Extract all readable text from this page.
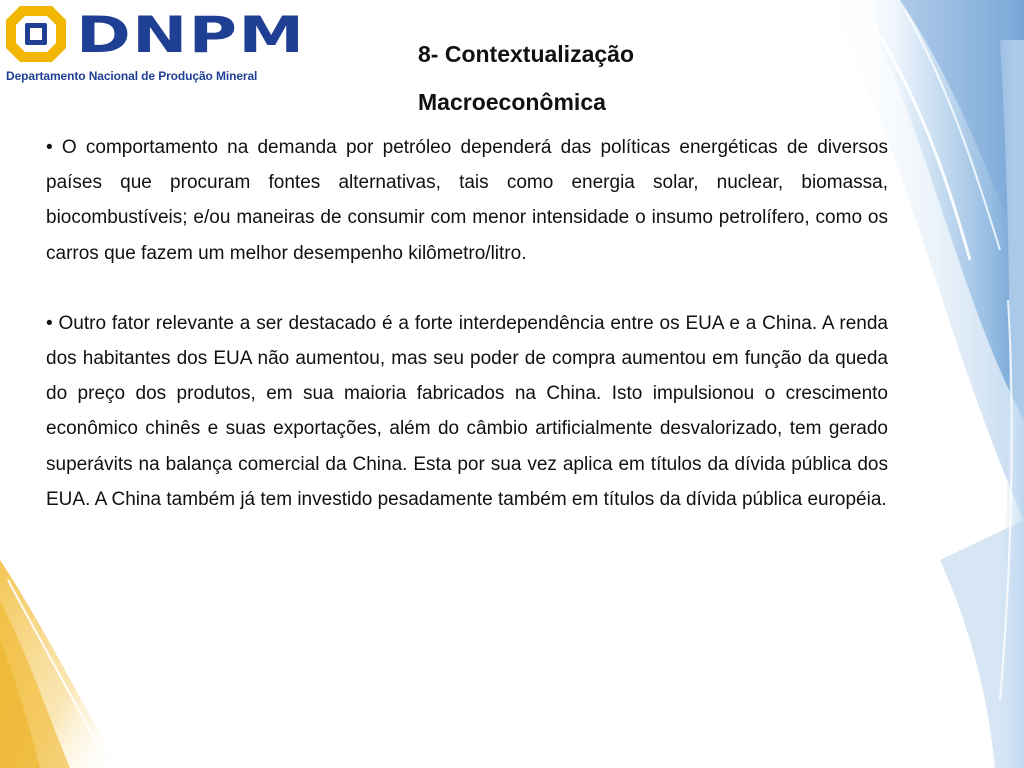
DNPM
Departamento Nacional de Produção Mineral
8- Contextualização
Macroeconômica

• O comportamento na demanda por petróleo dependerá das políticas energéticas de diversos países que procuram fontes alternativas, tais como energia solar, nuclear, biomassa, biocombustíveis; e/ou maneiras de consumir com menor intensidade o insumo petrolífero, como os carros que fazem um melhor desempenho kilômetro/litro.

• Outro fator relevante a ser destacado é a forte interdependência entre os EUA e a China. A renda dos habitantes dos EUA não aumentou, mas seu poder de compra aumentou em função da queda do preço dos produtos, em sua maioria fabricados na China. Isto impulsionou o crescimento econômico chinês e suas exportações, além do câmbio artificialmente desvalorizado, tem gerado superávits na balança comercial da China. Esta por sua vez aplica em títulos da dívida pública dos EUA. A China também já tem investido pesadamente também em títulos da dívida pública européia.
